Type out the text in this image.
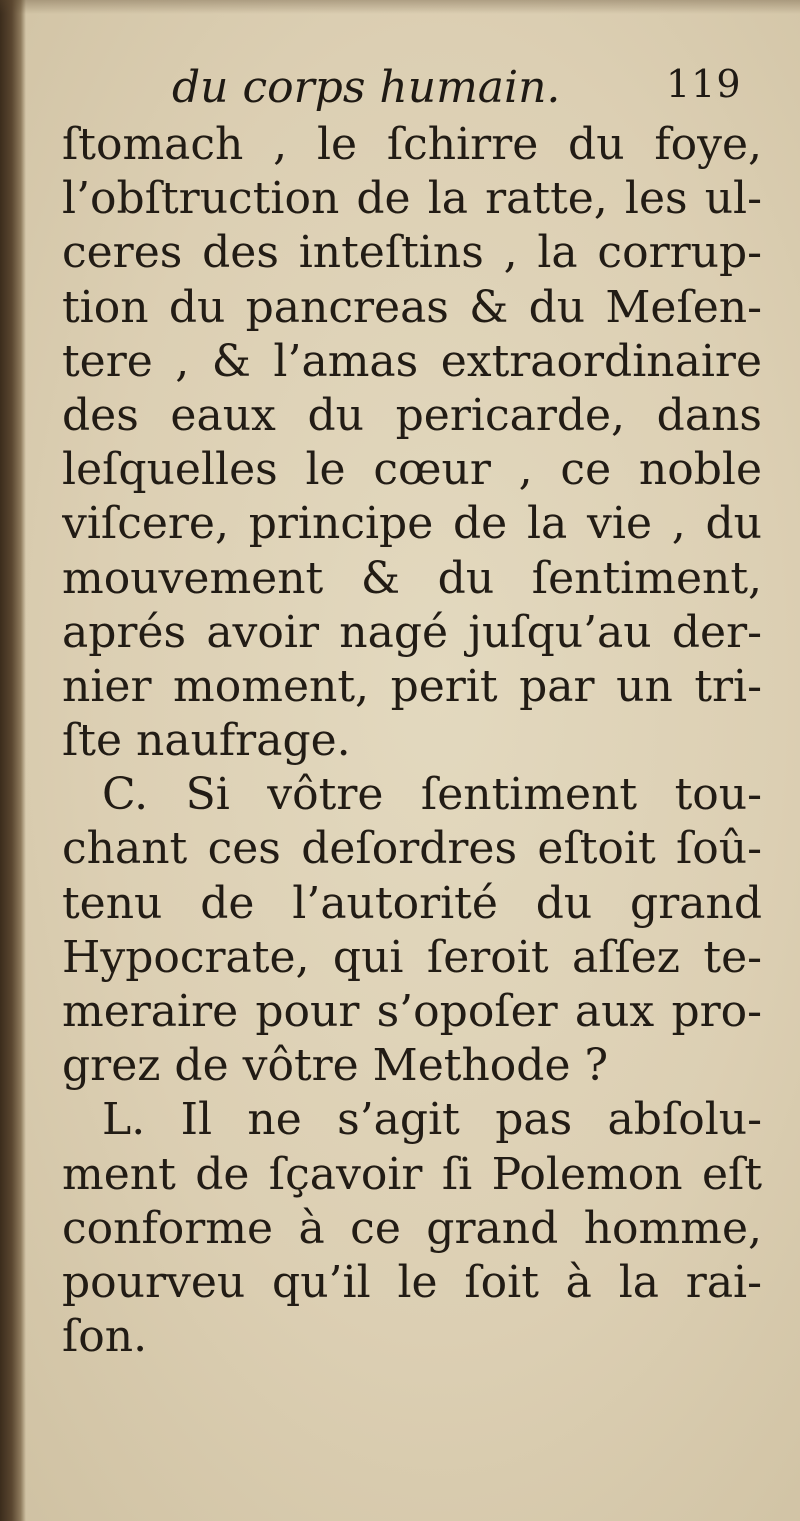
du corps humain.	119
ſtomach , le ſchirre du foye,
l’obſtruction de la ratte, les ul-
ceres des inteſtins , la corrup-
tion du pancreas & du Meſen-
tere , & l’amas extraordinaire
des eaux du pericarde, dans
leſquelles le cœur , ce noble
viſcere, principe de la vie , du
mouvement & du ſentiment,
aprés avoir nagé juſqu’au der-
nier moment, perit par un tri-
ſte naufrage.
C. Si vôtre ſentiment tou-
chant ces deſordres eſtoit ſoû-
tenu de l’autorité du grand
Hypocrate, qui ſeroit aſſez te-
meraire pour s’opoſer aux pro-
grez de vôtre Methode ?
L. Il ne s’agit pas abſolu-
ment de ſçavoir ſi Polemon eſt
conforme à ce grand homme,
pourveu qu’il le ſoit à la rai-
ſon.
